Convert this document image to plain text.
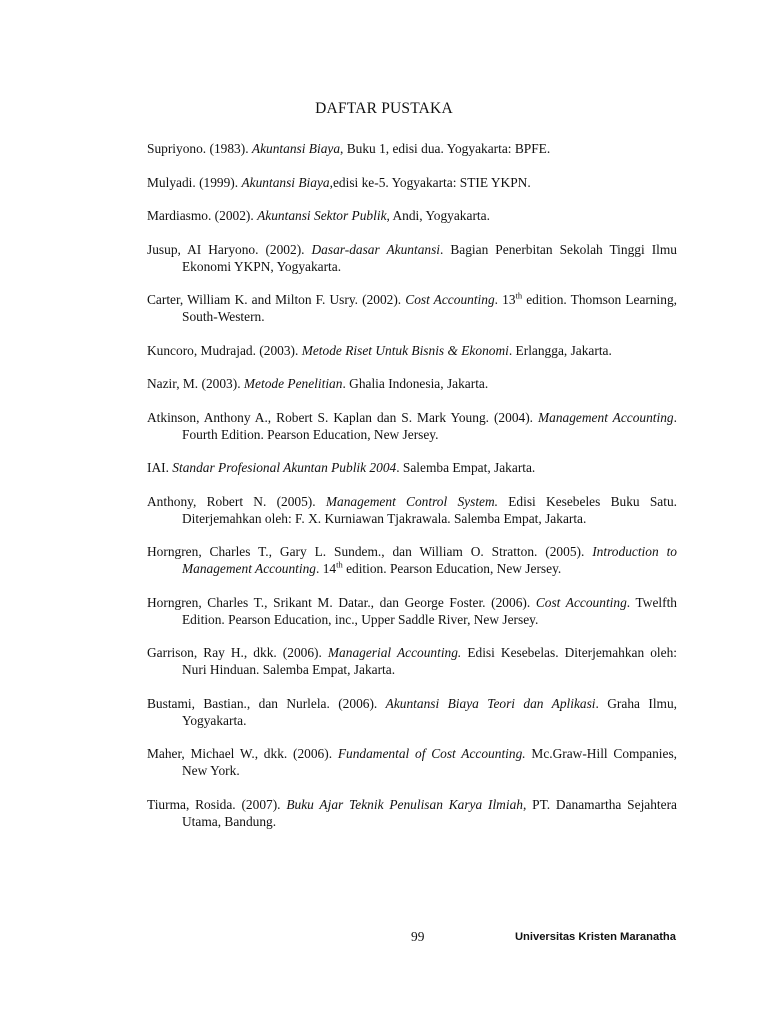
DAFTAR PUSTAKA

Supriyono. (1983). Akuntansi Biaya, Buku 1, edisi dua. Yogyakarta: BPFE.

Mulyadi. (1999). Akuntansi Biaya,edisi ke-5. Yogyakarta: STIE YKPN.

Mardiasmo. (2002). Akuntansi Sektor Publik, Andi, Yogyakarta.

Jusup, AI Haryono. (2002). Dasar-dasar Akuntansi. Bagian Penerbitan Sekolah Tinggi Ilmu Ekonomi YKPN, Yogyakarta.

Carter, William K. and Milton F. Usry. (2002). Cost Accounting. 13th edition. Thomson Learning, South-Western.

Kuncoro, Mudrajad. (2003). Metode Riset Untuk Bisnis & Ekonomi. Erlangga, Jakarta.

Nazir, M. (2003). Metode Penelitian. Ghalia Indonesia, Jakarta.

Atkinson, Anthony A., Robert S. Kaplan dan S. Mark Young. (2004). Management Accounting. Fourth Edition. Pearson Education, New Jersey.

IAI. Standar Profesional Akuntan Publik 2004. Salemba Empat, Jakarta.

Anthony, Robert N. (2005). Management Control System. Edisi Kesebeles Buku Satu. Diterjemahkan oleh: F. X. Kurniawan Tjakrawala. Salemba Empat, Jakarta.

Horngren, Charles T., Gary L. Sundem., dan William O. Stratton. (2005). Introduction to Management Accounting. 14th edition. Pearson Education, New Jersey.

Horngren, Charles T., Srikant M. Datar., dan George Foster. (2006). Cost Accounting. Twelfth Edition. Pearson Education, inc., Upper Saddle River, New Jersey.

Garrison, Ray H., dkk. (2006). Managerial Accounting. Edisi Kesebelas. Diterjemahkan oleh: Nuri Hinduan. Salemba Empat, Jakarta.

Bustami, Bastian., dan Nurlela. (2006). Akuntansi Biaya Teori dan Aplikasi. Graha Ilmu, Yogyakarta.

Maher, Michael W., dkk. (2006). Fundamental of Cost Accounting. Mc.Graw-Hill Companies, New York.

Tiurma, Rosida. (2007). Buku Ajar Teknik Penulisan Karya Ilmiah, PT. Danamartha Sejahtera Utama, Bandung.

99	Universitas Kristen Maranatha
